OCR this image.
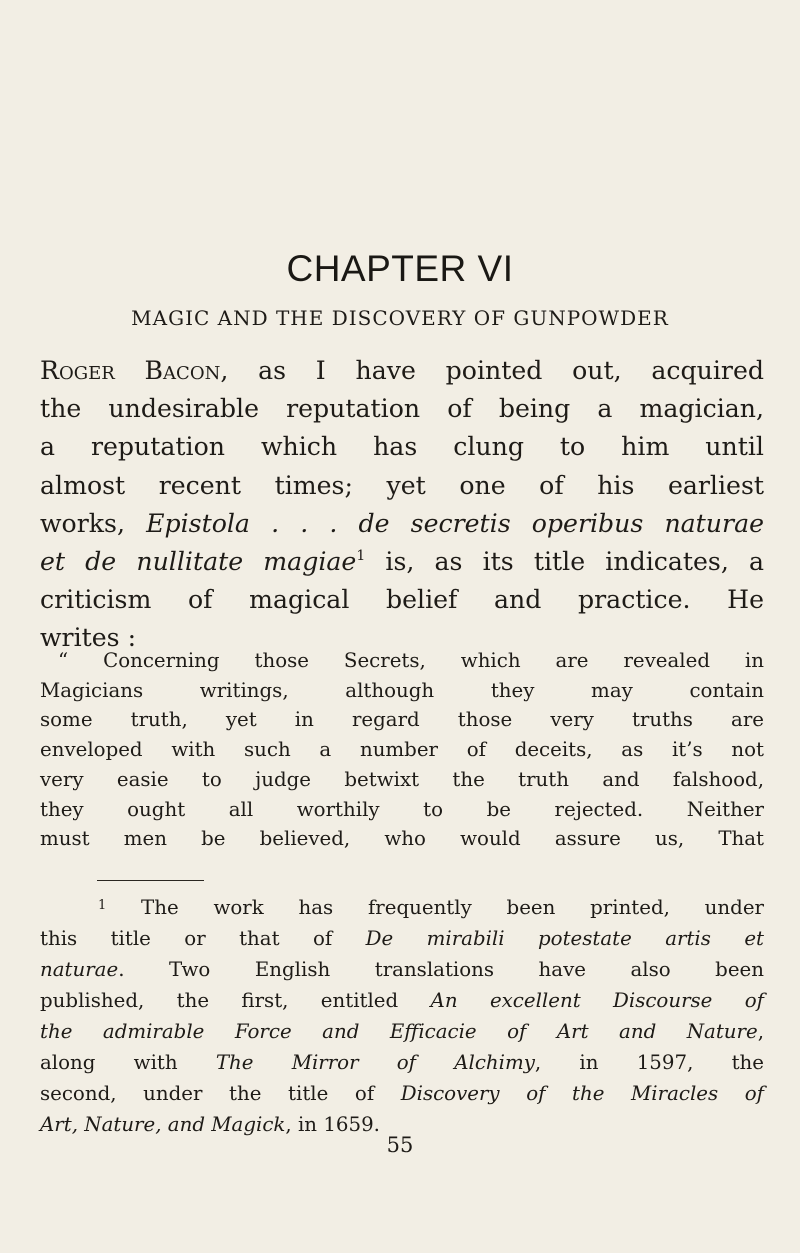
CHAPTER VI
MAGIC AND THE DISCOVERY OF GUNPOWDER
Roger Bacon, as I have pointed out, acquired
the undesirable reputation of being a magician,
a reputation which has clung to him until
almost recent times; yet one of his earliest
works, Epistola . . . de secretis operibus naturae
et de nullitate magiae$^1$ is, as its title indicates, a
criticism of magical belief and practice. He
writes :
“ Concerning those Secrets, which are revealed in
Magicians writings, although they may contain
some truth, yet in regard those very truths are
enveloped with such a number of deceits, as it’s not
very easie to judge betwixt the truth and falshood,
they ought all worthily to be rejected. Neither
must men be believed, who would assure us, That
$^1$ The work has frequently been printed, under
this title or that of De mirabili potestate artis et
naturae. Two English translations have also been
published, the first, entitled An excellent Discourse of
the admirable Force and Efficacie of Art and Nature,
along with The Mirror of Alchimy, in 1597, the
second, under the title of Discovery of the Miracles of
Art, Nature, and Magick, in 1659.
55
